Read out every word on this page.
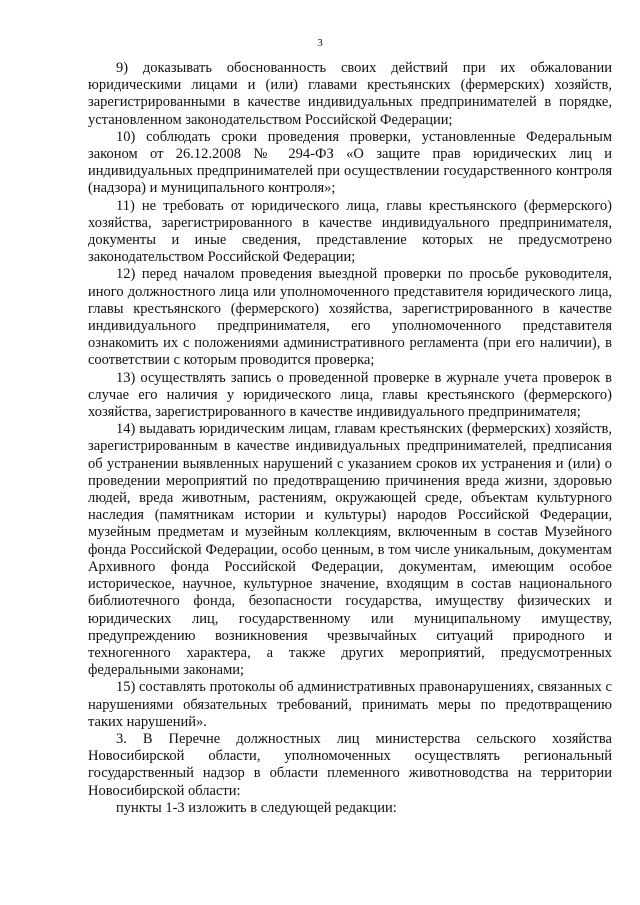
3

9) доказывать обоснованность своих действий при их обжаловании юридическими лицами и (или) главами крестьянских (фермерских) хозяйств, зарегистрированными в качестве индивидуальных предпринимателей в порядке, установленном законодательством Российской Федерации;

10) соблюдать сроки проведения проверки, установленные Федеральным законом от 26.12.2008 № 294-ФЗ «О защите прав юридических лиц и индивидуальных предпринимателей при осуществлении государственного контроля (надзора) и муниципального контроля»;

11) не требовать от юридического лица, главы крестьянского (фермерского) хозяйства, зарегистрированного в качестве индивидуального предпринимателя, документы и иные сведения, представление которых не предусмотрено законодательством Российской Федерации;

12) перед началом проведения выездной проверки по просьбе руководителя, иного должностного лица или уполномоченного представителя юридического лица, главы крестьянского (фермерского) хозяйства, зарегистрированного в качестве индивидуального предпринимателя, его уполномоченного представителя ознакомить их с положениями административного регламента (при его наличии), в соответствии с которым проводится проверка;

13) осуществлять запись о проведенной проверке в журнале учета проверок в случае его наличия у юридического лица, главы крестьянского (фермерского) хозяйства, зарегистрированного в качестве индивидуального предпринимателя;

14) выдавать юридическим лицам, главам крестьянских (фермерских) хозяйств, зарегистрированным в качестве индивидуальных предпринимателей, предписания об устранении выявленных нарушений с указанием сроков их устранения и (или) о проведении мероприятий по предотвращению причинения вреда жизни, здоровью людей, вреда животным, растениям, окружающей среде, объектам культурного наследия (памятникам истории и культуры) народов Российской Федерации, музейным предметам и музейным коллекциям, включенным в состав Музейного фонда Российской Федерации, особо ценным, в том числе уникальным, документам Архивного фонда Российской Федерации, документам, имеющим особое историческое, научное, культурное значение, входящим в состав национального библиотечного фонда, безопасности государства, имуществу физических и юридических лиц, государственному или муниципальному имуществу, предупреждению возникновения чрезвычайных ситуаций природного и техногенного характера, а также других мероприятий, предусмотренных федеральными законами;

15) составлять протоколы об административных правонарушениях, связанных с нарушениями обязательных требований, принимать меры по предотвращению таких нарушений».

3. В Перечне должностных лиц министерства сельского хозяйства Новосибирской области, уполномоченных осуществлять региональный государственный надзор в области племенного животноводства на территории Новосибирской области:

пункты 1-3 изложить в следующей редакции:
